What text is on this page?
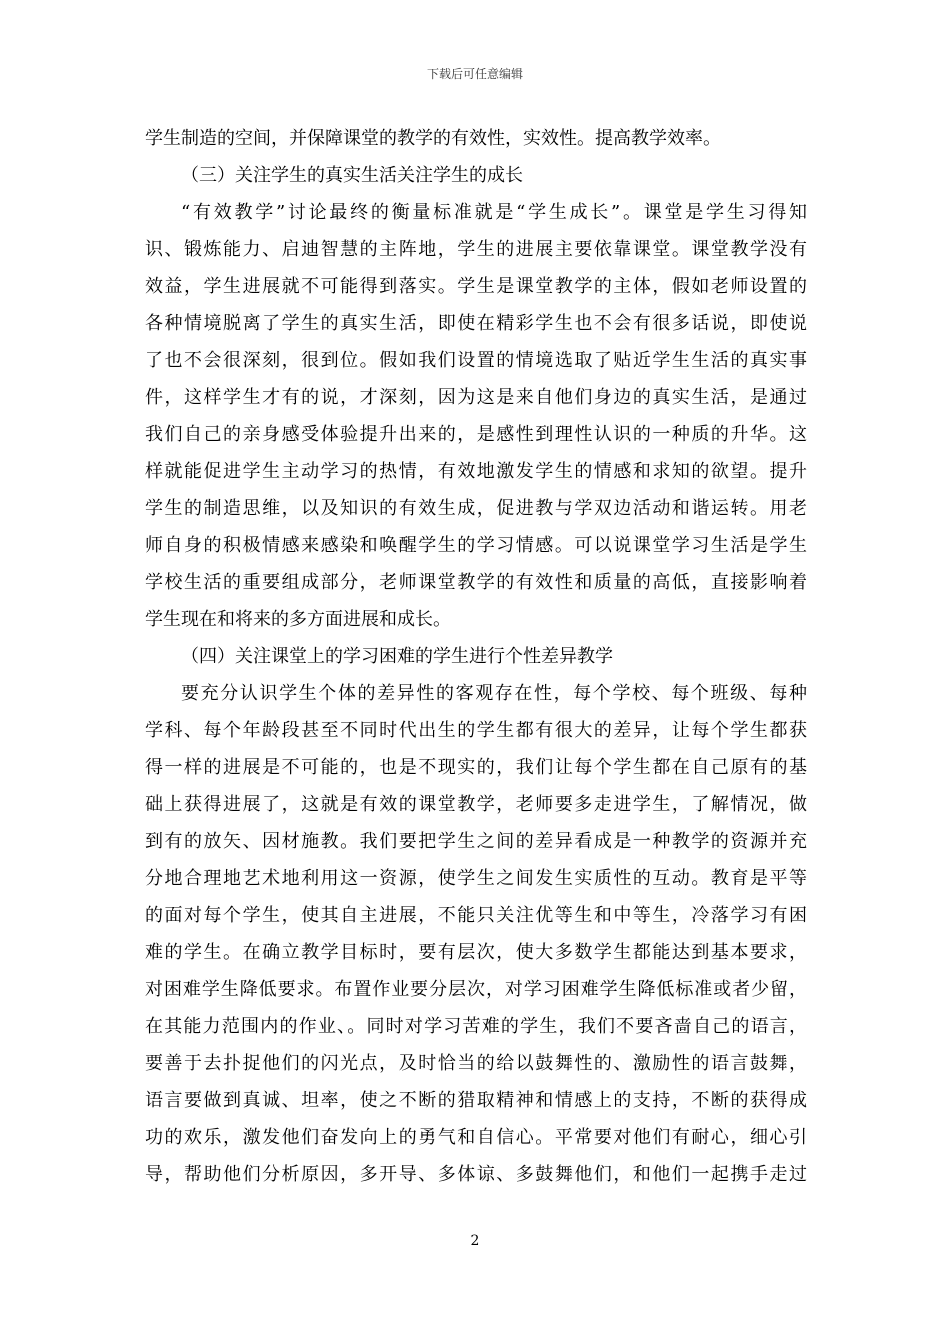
下载后可任意编辑
学生制造的空间，并保障课堂的教学的有效性，实效性。提高教学效率。
（三）关注学生的真实生活关注学生的成长
“有效教学”讨论最终的衡量标准就是“学生成长”。课堂是学生习得知
识、锻炼能力、启迪智慧的主阵地，学生的进展主要依靠课堂。课堂教学没有
效益，学生进展就不可能得到落实。学生是课堂教学的主体，假如老师设置的
各种情境脱离了学生的真实生活，即使在精彩学生也不会有很多话说，即使说
了也不会很深刻，很到位。假如我们设置的情境选取了贴近学生生活的真实事
件，这样学生才有的说，才深刻，因为这是来自他们身边的真实生活，是通过
我们自己的亲身感受体验提升出来的，是感性到理性认识的一种质的升华。这
样就能促进学生主动学习的热情，有效地激发学生的情感和求知的欲望。提升
学生的制造思维，以及知识的有效生成，促进教与学双边活动和谐运转。用老
师自身的积极情感来感染和唤醒学生的学习情感。可以说课堂学习生活是学生
学校生活的重要组成部分，老师课堂教学的有效性和质量的高低，直接影响着
学生现在和将来的多方面进展和成长。
（四）关注课堂上的学习困难的学生进行个性差异教学
要充分认识学生个体的差异性的客观存在性，每个学校、每个班级、每种
学科、每个年龄段甚至不同时代出生的学生都有很大的差异，让每个学生都获
得一样的进展是不可能的，也是不现实的，我们让每个学生都在自己原有的基
础上获得进展了，这就是有效的课堂教学，老师要多走进学生，了解情况，做
到有的放矢、因材施教。我们要把学生之间的差异看成是一种教学的资源并充
分地合理地艺术地利用这一资源，使学生之间发生实质性的互动。教育是平等
的面对每个学生，使其自主进展，不能只关注优等生和中等生，冷落学习有困
难的学生。在确立教学目标时，要有层次，使大多数学生都能达到基本要求，
对困难学生降低要求。布置作业要分层次，对学习困难学生降低标准或者少留，
在其能力范围内的作业、。同时对学习苦难的学生，我们不要吝啬自己的语言，
要善于去扑捉他们的闪光点，及时恰当的给以鼓舞性的、激励性的语言鼓舞，
语言要做到真诚、坦率，使之不断的猎取精神和情感上的支持，不断的获得成
功的欢乐，激发他们奋发向上的勇气和自信心。平常要对他们有耐心，细心引
导，帮助他们分析原因，多开导、多体谅、多鼓舞他们，和他们一起携手走过
2
